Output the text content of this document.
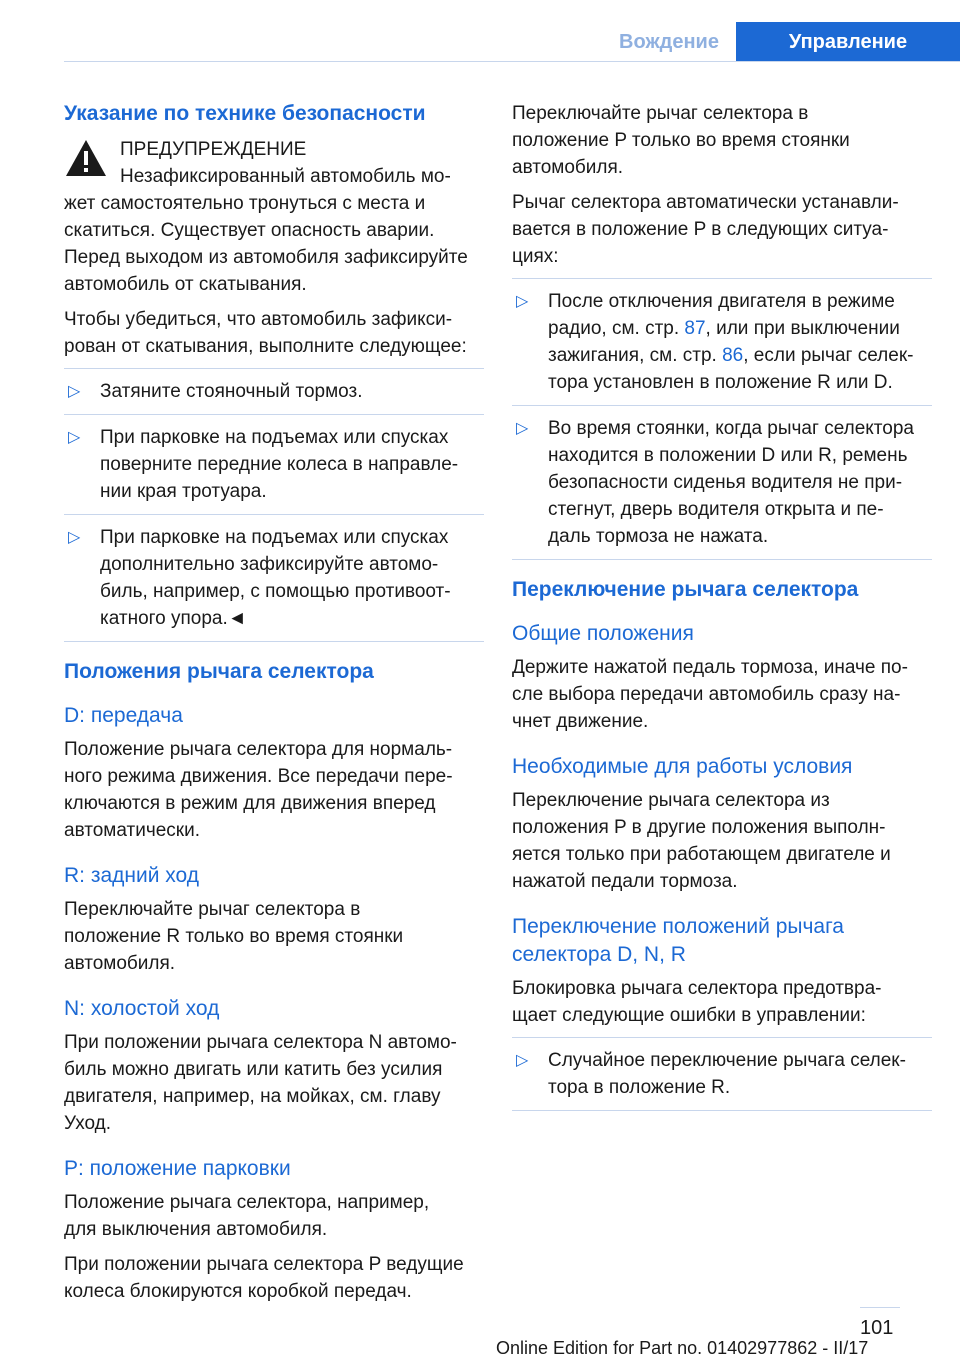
Вождение	Управление
Указание по технике безопасности
ПРЕДУПРЕЖДЕНИЕ
Незафиксированный автомобиль мо-

жет самостоятельно тронуться с места и
скатиться. Существует опасность аварии.
Перед выходом из автомобиля зафиксируйте
автомобиль от скатывания.

Чтобы убедиться, что автомобиль зафикси-
рован от скатывания, выполните следующее:

▷ Затяните стояночный тормоз.
▷ При парковке на подъемах или спусках
поверните передние колеса в направле-
нии края тротуара.
▷ При парковке на подъемах или спусках
дополнительно зафиксируйте автомо-
биль, например, с помощью противоот-
катного упора.◄
Положения рычага селектора
D: передача

Положение рычага селектора для нормаль-
ного режима движения. Все передачи пере-
ключаются в режим для движения вперед
автоматически.

R: задний ход

Переключайте рычаг селектора в
положение R только во время стоянки
автомобиля.

N: холостой ход

При положении рычага селектора N автомо-
биль можно двигать или катить без усилия
двигателя, например, на мойках, см. главу
Уход.

P: положение парковки

Положение рычага селектора, например,
для выключения автомобиля.

При положении рычага селектора P ведущие
колеса блокируются коробкой передач.

Переключайте рычаг селектора в
положение P только во время стоянки
автомобиля.

Рычаг селектора автоматически устанавли-
вается в положение P в следующих ситуа-
циях:

▷ После отключения двигателя в режиме
радио, см. стр. 87, или при выключении
зажигания, см. стр. 86, если рычаг селек-
тора установлен в положение R или D.
▷ Во время стоянки, когда рычаг селектора
находится в положении D или R, ремень
безопасности сиденья водителя не при-
стегнут, дверь водителя открыта и пе-
даль тормоза не нажата.
Переключение рычага селектора
Общие положения

Держите нажатой педаль тормоза, иначе по-
сле выбора передачи автомобиль сразу на-
чнет движение.

Необходимые для работы условия

Переключение рычага селектора из
положения P в другие положения выполн-
яется только при работающем двигателе и
нажатой педали тормоза.

Переключение положений рычага
селектора D, N, R

Блокировка рычага селектора предотвра-
щает следующие ошибки в управлении:

▷ Случайное переключение рычага селек-
тора в положение R.
101
Online Edition for Part no. 01402977862 - II/17
